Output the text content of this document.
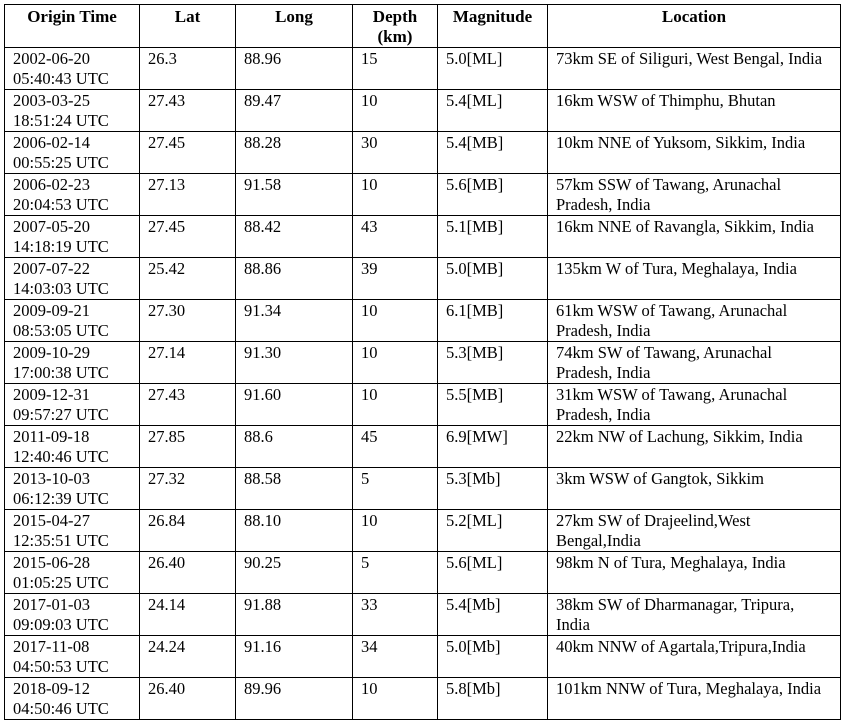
Origin Time	Lat	Long	Depth (km)	Magnitude	Location
2002-06-20 05:40:43 UTC	26.3	88.96	15	5.0[ML]	73km SE of Siliguri, West Bengal, India
2003-03-25 18:51:24 UTC	27.43	89.47	10	5.4[ML]	16km WSW of Thimphu, Bhutan
2006-02-14 00:55:25 UTC	27.45	88.28	30	5.4[MB]	10km NNE of Yuksom, Sikkim, India
2006-02-23 20:04:53 UTC	27.13	91.58	10	5.6[MB]	57km SSW of Tawang, Arunachal Pradesh, India
2007-05-20 14:18:19 UTC	27.45	88.42	43	5.1[MB]	16km NNE of Ravangla, Sikkim, India
2007-07-22 14:03:03 UTC	25.42	88.86	39	5.0[MB]	135km W of Tura, Meghalaya, India
2009-09-21 08:53:05 UTC	27.30	91.34	10	6.1[MB]	61km WSW of Tawang, Arunachal Pradesh, India
2009-10-29 17:00:38 UTC	27.14	91.30	10	5.3[MB]	74km SW of Tawang, Arunachal Pradesh, India
2009-12-31 09:57:27 UTC	27.43	91.60	10	5.5[MB]	31km WSW of Tawang, Arunachal Pradesh, India
2011-09-18 12:40:46 UTC	27.85	88.6	45	6.9[MW]	22km NW of Lachung, Sikkim, India
2013-10-03 06:12:39 UTC	27.32	88.58	5	5.3[Mb]	3km WSW of Gangtok, Sikkim
2015-04-27 12:35:51 UTC	26.84	88.10	10	5.2[ML]	27km SW of Drajeelind,West Bengal,India
2015-06-28 01:05:25 UTC	26.40	90.25	5	5.6[ML]	98km N of Tura, Meghalaya, India
2017-01-03 09:09:03 UTC	24.14	91.88	33	5.4[Mb]	38km SW of Dharmanagar, Tripura, India
2017-11-08 04:50:53 UTC	24.24	91.16	34	5.0[Mb]	40km NNW of Agartala,Tripura,India
2018-09-12 04:50:46 UTC	26.40	89.96	10	5.8[Mb]	101km NNW of Tura, Meghalaya, India
